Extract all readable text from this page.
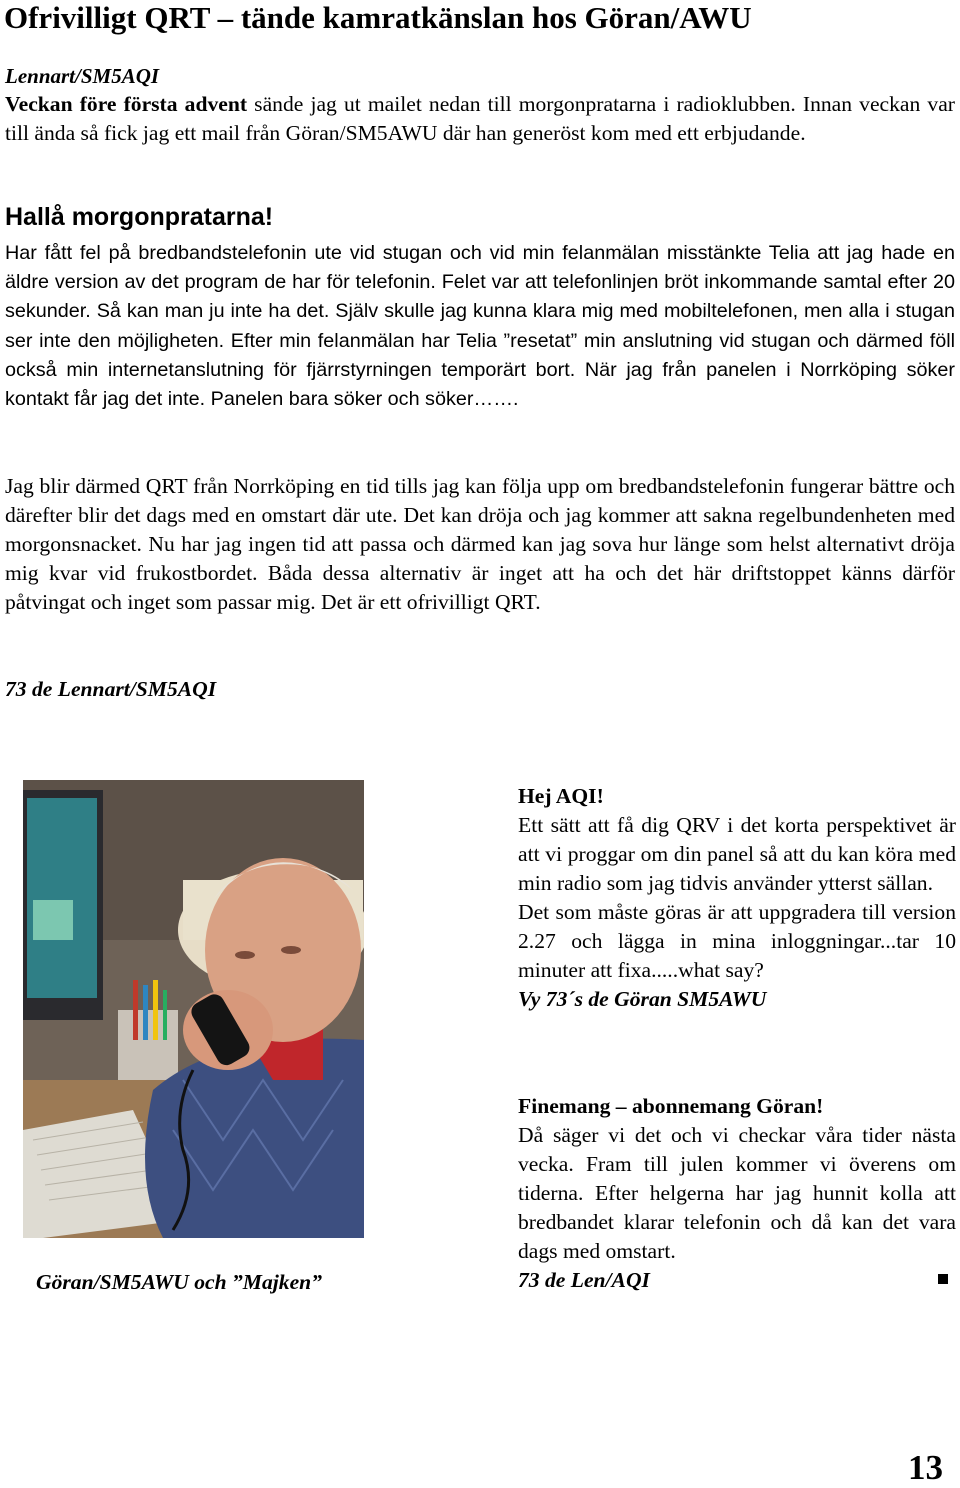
Ofrivilligt QRT – tände kamratkänslan hos Göran/AWU
Lennart/SM5AQI
Veckan före första advent sände jag ut mailet nedan till morgonpratarna i radioklubben. Innan veckan var till ända så fick jag ett mail från Göran/SM5AWU där han generöst kom med ett erbjudande.
Hallå morgonpratarna!
Har fått fel på bredbandstelefonin ute vid stugan och vid min felanmälan misstänkte Telia att jag hade en äldre version av det program de har för telefonin. Felet var att telefonlinjen bröt inkommande samtal efter 20 sekunder. Så kan man ju inte ha det. Själv skulle jag kunna klara mig med mobiltelefonen, men alla i stugan ser inte den möjligheten. Efter min felanmälan har Telia ”resetat” min anslutning vid stugan och därmed föll också min internetanslutning för fjärrstyrningen temporärt bort. När jag från panelen i Norrköping söker kontakt får jag det inte. Panelen bara söker och söker…….
Jag blir därmed QRT från Norrköping en tid tills jag kan följa upp om bredbandstelefonin fungerar bättre och därefter blir det dags med en omstart där ute. Det kan dröja och jag kommer att sakna regelbundenheten med morgonsnacket. Nu har jag ingen tid att passa och därmed kan jag sova hur länge som helst alternativt dröja mig kvar vid frukostbordet. Båda dessa alternativ är inget att ha och det här driftstoppet känns därför påtvingat och inget som passar mig. Det är ett ofrivilligt QRT.
73 de Lennart/SM5AQI
Göran/SM5AWU och ”Majken”
Hej AQI!
Ett sätt att få dig QRV i det korta perspektivet är att vi proggar om din panel så att du kan köra med min radio som jag tidvis använder ytterst sällan.
Det som måste göras är att uppgradera till version 2.27 och lägga in mina inloggningar...tar 10 minuter att fixa.....what say?
Vy 73´s de Göran SM5AWU
Finemang – abonnemang Göran!
Då säger vi det och vi checkar våra tider nästa vecka. Fram till julen kommer vi överens om tiderna. Efter helgerna har jag hunnit kolla att bredbandet klarar telefonin och då kan det vara dags med omstart.
73 de Len/AQI
13
